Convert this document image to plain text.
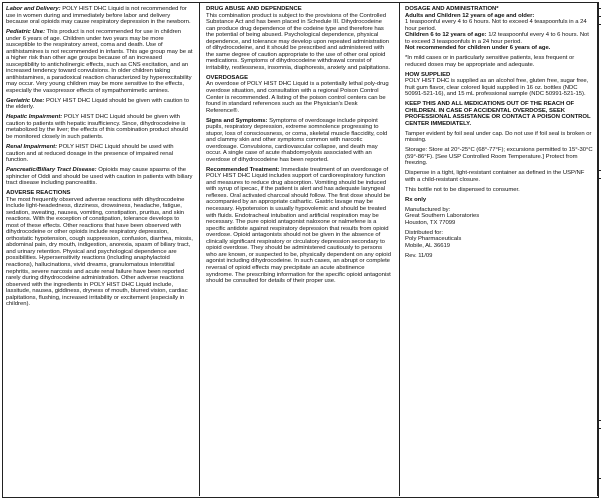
Labor and Delivery: POLY HIST DHC Liquid is not recommended for use in women during and immediately before labor and delivery because oral opioids may cause respiratory depression in the newborn.

Pediatric Use: This product is not recommended for use in children under 6 years of age. Children under two years may be more susceptible to the respiratory arrest, coma and death. Use of antihistamines is not recommended in infants. This age group may be at a higher risk than other age groups because of an increased susceptibility to anticholinergic effects, such as CNS excitation, and an increased tendency toward convulsions. In older children taking antihistamines, a paradoxical reaction characterized by hyperexcitability may occur. Very young children may be more sensitive to the effects, especially the vasopressor effects of sympathomimetic amines.

Geriatric Use: POLY HIST DHC Liquid should be given with caution to the elderly.

Hepatic Impairment: POLY HIST DHC Liquid should be given with caution to patients with hepatic insufficiency. Since, dihydrocodeine is metabolized by the liver; the effects of this combination product should be monitored closely in such patients.

Renal Impairment: POLY HIST DHC Liquid should be used with caution and at reduced dosage in the presence of impaired renal function.

Pancreatic/Biliary Tract Disease: Opioids may cause spasms of the sphincter of Oddi and should be used with caution in patients with biliary tract disease including pancreatitis.

ADVERSE REACTIONS
The most frequently observed adverse reactions with dihydrocodeine include light-headedness, dizziness, drowsiness, headache, fatigue, sedation, sweating, nausea, vomiting, constipation, pruritus, and skin reactions. With the exception of constipation, tolerance develops to most of these effects. Other reactions that have been observed with dihydrocodeine or other opioids include respiratory depression, orthostatic hypotension, cough suppression, confusion, diarrhea, miosis, abdominal pain, dry mouth, indigestion, anorexia, spasm of biliary tract, and urinary retention. Physical and psychological dependence are possibilities. Hypersensitivity reactions (including anaphylactoid reactions), hallucinations, vivid dreams, granulomatous interstitial nephritis, severe narcosis and acute renal failure have been reported rarely during dihydrocodeine administration. Other adverse reactions observed with the ingredients in POLY HIST DHC Liquid include, lassitude, nausea, giddiness, dryness of mouth, blurred vision, cardiac palpitations, flushing, increased irritability or excitement (especially in children).

DRUG ABUSE AND DEPENDENCE
This combination product is subject to the provisions of the Controlled Substance Act and has been placed in Schedule III. Dihydrocodeine can produce drug dependence of the codeine type and therefore has the potential of being abused. Psychological dependence, physical dependence, and tolerance may develop upon repeated administration of dihydrocodeine, and it should be prescribed and administered with the same degree of caution appropriate to the use of other oral opioid medications. Symptoms of dihydrocodeine withdrawal consist of irritability, restlessness, insomnia, diaphoresis, anxiety and palpitations.

OVERDOSAGE
An overdose of POLY HIST DHC Liquid is a potentially lethal poly-drug overdose situation, and consultation with a regional Poison Control Center is recommended. A listing of the poison control centers can be found in standard references such as the Physician's Desk Reference®.

Signs and Symptoms: Symptoms of overdosage include pinpoint pupils, respiratory depression, extreme somnolence progressing to stupor, loss of consciousness, or coma, skeletal muscle flaccidity, cold and clammy skin and other symptoms common with narcotic overdosage. Convulsions, cardiovascular collapse, and death may occur. A single case of acute rhabdomyolysis associated with an overdose of dihydrocodeine has been reported.

Recommended Treatment: Immediate treatment of an overdosage of POLY HIST DHC Liquid includes support of cardiorespiratory function and measures to reduce drug absorption. Vomiting should be induced with syrup of ipecac, if the patient is alert and has adequate laryngeal reflexes. Oral activated charcoal should follow. The first dose should be accompanied by an appropriate cathartic. Gastric lavage may be necessary. Hypotension is usually hypovolemic and should be treated with fluids. Endotracheal intubation and artificial respiration may be necessary. The pure opioid antagonist naloxone or nalmefene is a specific antidote against respiratory depression that results from opioid overdose. Opioid antagonists should not be given in the absence of clinically significant respiratory or circulatory depression secondary to opioid overdose. They should be administered cautiously to persons who are known, or suspected to be, physically dependent on any opioid agonist including dihydrocodeine. In such cases, an abrupt or complete reversal of opioid effects may precipitate an acute abstinence syndrome. The prescribing information for the specific opioid antagonist should be consulted for details of their proper use.

DOSAGE AND ADMINISTRATION*
Adults and Children 12 years of age and older:
1 teaspoonful every 4 to 6 hours. Not to exceed 4 teaspoonfuls in a 24 hour period.
Children 6 to 12 years of age: 1/2 teaspoonful every 4 to 6 hours. Not to exceed 3 teaspoonfuls in a 24 hour period.
Not recommended for children under 6 years of age.

*In mild cases or in particularly sensitive patients, less frequent or reduced doses may be appropriate and adequate.

HOW SUPPLIED
POLY HIST DHC is supplied as an alcohol free, gluten free, sugar free, fruit gum flavor, clear colored liquid supplied in 16 oz. bottles (NDC 50991-521-16), and 15 mL professional sample (NDC 50991-521-15).

KEEP THIS AND ALL MEDICATIONS OUT OF THE REACH OF CHILDREN. IN CASE OF ACCIDENTAL OVERDOSE, SEEK PROFESSIONAL ASSISTANCE OR CONTACT A POISON CONTROL CENTER IMMEDIATELY.

Tamper evident by foil seal under cap. Do not use if foil seal is broken or missing.

Storage: Store at 20°-25°C (68°-77°F); excursions permitted to 15°-30°C (59°-86°F). [See USP Controlled Room Temperature.] Protect from freezing.

Dispense in a tight, light-resistant container as defined in the USP/NF with a child-resistant closure.

This bottle not to be dispensed to consumer.

Rx only

Manufactured by:
Great Southern Laboratories
Houston, TX 77099

Distributed for:
Poly Pharmaceuticals
Mobile, AL 36619

Rev. 11/09
